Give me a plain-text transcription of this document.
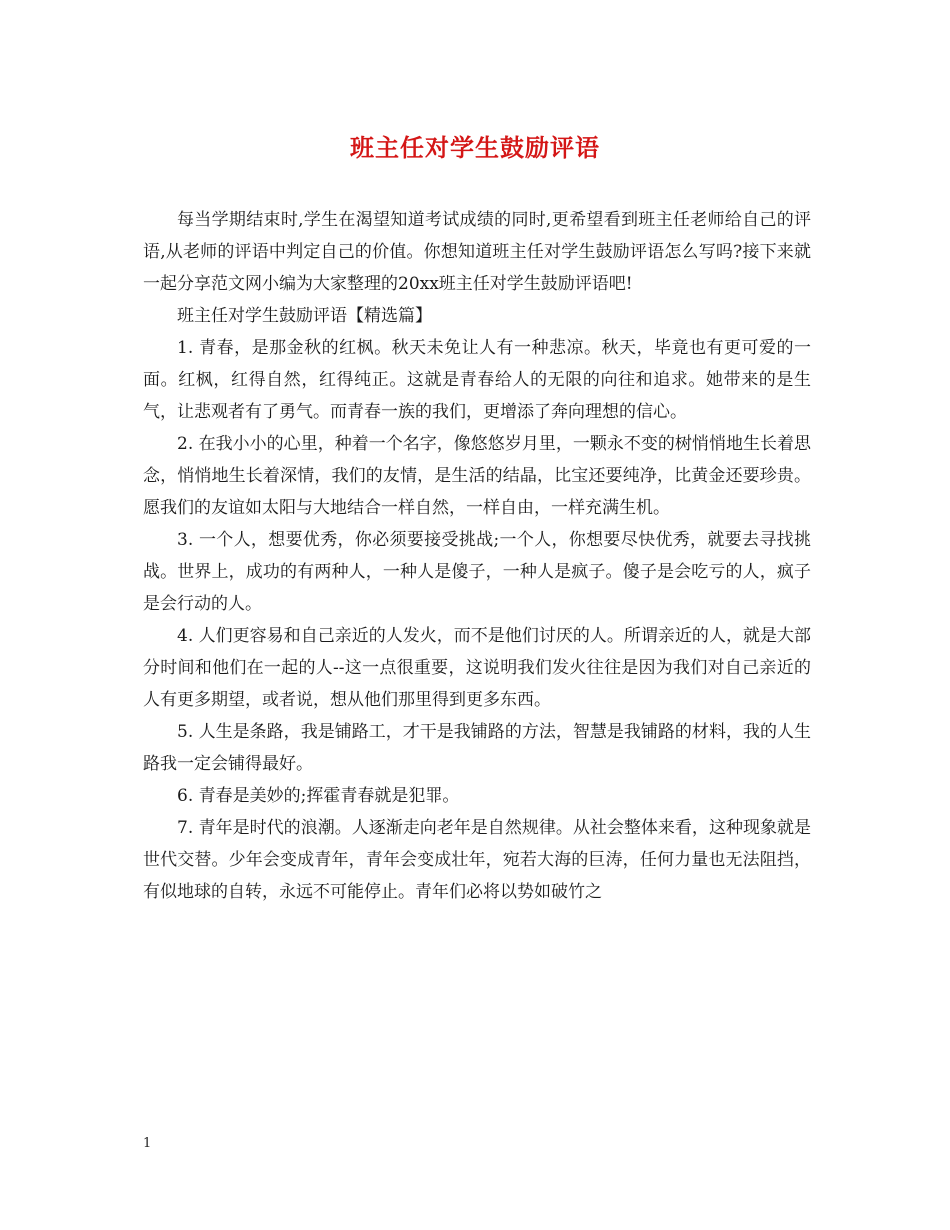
班主任对学生鼓励评语

每当学期结束时,学生在渴望知道考试成绩的同时,更希望看到班主任老师给自己的评语,从老师的评语中判定自己的价值。你想知道班主任对学生鼓励评语怎么写吗?接下来就一起分享范文网小编为大家整理的20xx班主任对学生鼓励评语吧!

班主任对学生鼓励评语【精选篇】

1. 青春，是那金秋的红枫。秋天未免让人有一种悲凉。秋天，毕竟也有更可爱的一面。红枫，红得自然，红得纯正。这就是青春给人的无限的向往和追求。她带来的是生气，让悲观者有了勇气。而青春一族的我们，更增添了奔向理想的信心。

2. 在我小小的心里，种着一个名字，像悠悠岁月里，一颗永不变的树悄悄地生长着思念，悄悄地生长着深情，我们的友情，是生活的结晶，比宝还要纯净，比黄金还要珍贵。愿我们的友谊如太阳与大地结合一样自然，一样自由，一样充满生机。

3. 一个人，想要优秀，你必须要接受挑战;一个人，你想要尽快优秀，就要去寻找挑战。世界上，成功的有两种人，一种人是傻子，一种人是疯子。傻子是会吃亏的人，疯子是会行动的人。

4. 人们更容易和自己亲近的人发火，而不是他们讨厌的人。所谓亲近的人，就是大部分时间和他们在一起的人--这一点很重要，这说明我们发火往往是因为我们对自己亲近的人有更多期望，或者说，想从他们那里得到更多东西。

5. 人生是条路，我是铺路工，才干是我铺路的方法，智慧是我铺路的材料，我的人生路我一定会铺得最好。

6. 青春是美妙的;挥霍青春就是犯罪。

7. 青年是时代的浪潮。人逐渐走向老年是自然规律。从社会整体来看，这种现象就是世代交替。少年会变成青年，青年会变成壮年，宛若大海的巨涛，任何力量也无法阻挡，有似地球的自转，永远不可能停止。青年们必将以势如破竹之

1
